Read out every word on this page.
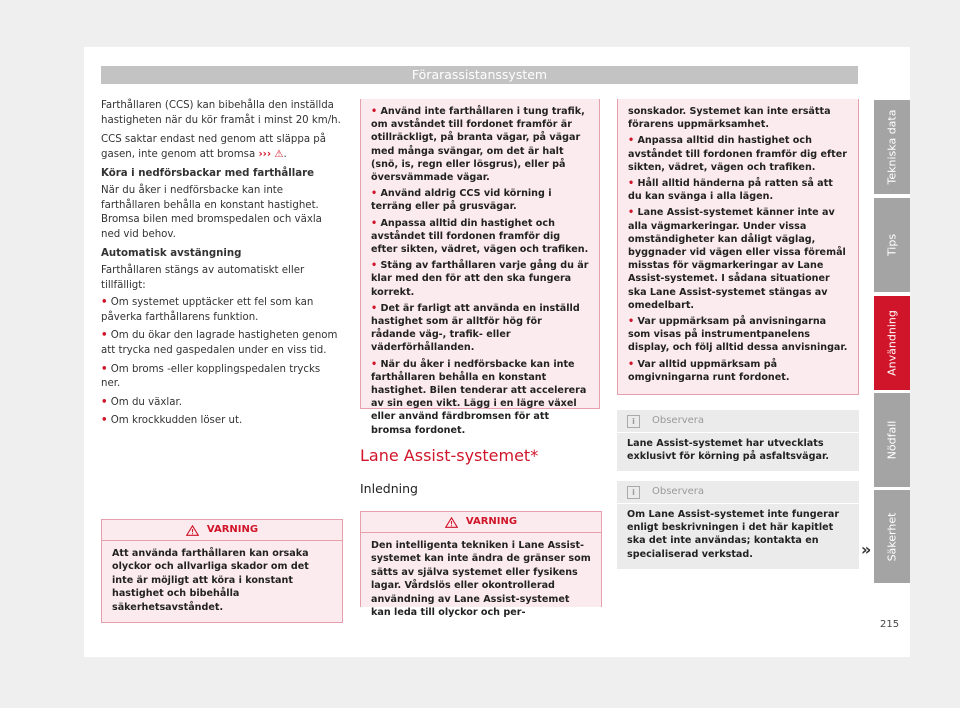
Förarassistanssystem

Farthållaren (CCS) kan bibehålla den inställda hastigheten när du kör framåt i minst 20 km/h.

CCS saktar endast ned genom att släppa på gasen, inte genom att bromsa ››› ⚠.

Köra i nedförsbackar med farthållare

När du åker i nedförsbacke kan inte farthållaren behålla en konstant hastighet. Bromsa bilen med bromspedalen och växla ned vid behov.

Automatisk avstängning

Farthållaren stängs av automatiskt eller tillfälligt:

• Om systemet upptäcker ett fel som kan påverka farthållarens funktion.
• Om du ökar den lagrade hastigheten genom att trycka ned gaspedalen under en viss tid.
• Om broms -eller kopplingspedalen trycks ner.
• Om du växlar.
• Om krockkudden löser ut.
VARNING
Att använda farthållaren kan orsaka olyckor och allvarliga skador om det inte är möjligt att köra i konstant hastighet och bibehålla säkerhetsavståndet.
• Använd inte farthållaren i tung trafik, om avståndet till fordonet framför är otillräckligt, på branta vägar, på vägar med många svängar, om det är halt (snö, is, regn eller lösgrus), eller på översvämmade vägar.
• Använd aldrig CCS vid körning i terräng eller på grusvägar.
• Anpassa alltid din hastighet och avståndet till fordonen framför dig efter sikten, vädret, vägen och trafiken.
• Stäng av farthållaren varje gång du är klar med den för att den ska fungera korrekt.
• Det är farligt att använda en inställd hastighet som är alltför hög för rådande väg-, trafik- eller väderförhållanden.
• När du åker i nedförsbacke kan inte farthållaren behålla en konstant hastighet. Bilen tenderar att accelerera av sin egen vikt. Lägg i en lägre växel eller använd färdbromsen för att bromsa fordonet.
Lane Assist-systemet*
Inledning
VARNING
Den intelligenta tekniken i Lane Assist-systemet kan inte ändra de gränser som sätts av själva systemet eller fysikens lagar. Vårdslös eller okontrollerad användning av Lane Assist-systemet kan leda till olyckor och per-
sonskador. Systemet kan inte ersätta förarens uppmärksamhet.
• Anpassa alltid din hastighet och avståndet till fordonen framför dig efter sikten, vädret, vägen och trafiken.
• Håll alltid händerna på ratten så att du kan svänga i alla lägen.
• Lane Assist-systemet känner inte av alla vägmarkeringar. Under vissa omständigheter kan dåligt väglag, byggnader vid vägen eller vissa föremål misstas för vägmarkeringar av Lane Assist-systemet. I sådana situationer ska Lane Assist-systemet stängas av omedelbart.
• Var uppmärksam på anvisningarna som visas på instrumentpanelens display, och följ alltid dessa anvisningar.
• Var alltid uppmärksam på omgivningarna runt fordonet.
i	Observera
Lane Assist-systemet har utvecklats exklusivt för körning på asfaltsvägar.
i	Observera
Om Lane Assist-systemet inte fungerar enligt beskrivningen i det här kapitlet ska det inte användas; kontakta en specialiserad verkstad.	»
Tekniska data
Tips
Användning
Nödfall
Säkerhet
215
